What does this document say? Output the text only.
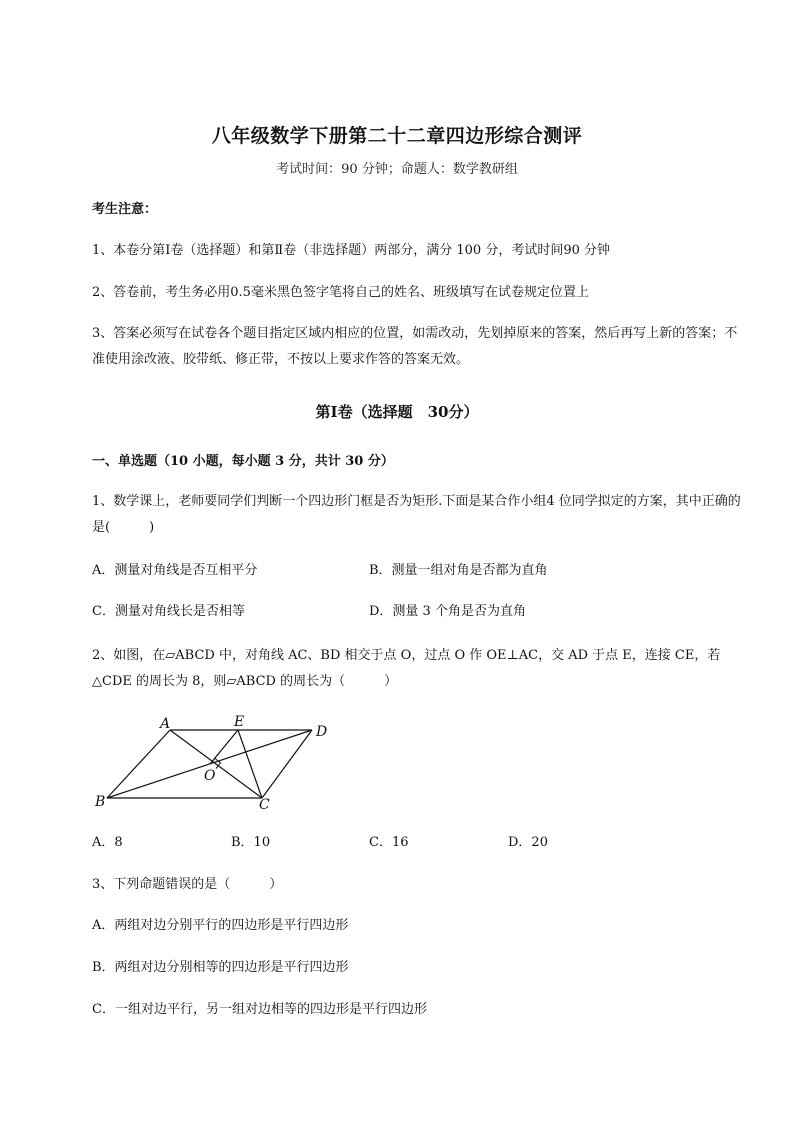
八年级数学下册第二十二章四边形综合测评
考试时间：90 分钟；命题人：数学教研组
考生注意：
1、本卷分第Ⅰ卷（选择题）和第Ⅱ卷（非选择题）两部分，满分 100 分，考试时间90 分钟
2、答卷前，考生务必用0.5毫米黑色签字笔将自己的姓名、班级填写在试卷规定位置上
3、答案必须写在试卷各个题目指定区域内相应的位置，如需改动，先划掉原来的答案，然后再写上新的答案；不准使用涂改液、胶带纸、修正带，不按以上要求作答的答案无效。
第Ⅰ卷（选择题　30分）
一、单选题（10 小题，每小题 3 分，共计 30 分）
1、数学课上，老师要同学们判断一个四边形门框是否为矩形.下面是某合作小组4 位同学拟定的方案，其中正确的是(　　　)
A．测量对角线是否互相平分	B．测量一组对角是否都为直角
C．测量对角线长是否相等	D．测量 3 个角是否为直角
2、如图，在▱ABCD 中，对角线 AC、BD 相交于点 O，过点 O 作 OE⊥AC，交 AD 于点 E，连接 CE，若
△CDE 的周长为 8，则▱ABCD 的周长为（　　　）
A	E
D
O
B	C
A．8	B．10	C．16	D．20
3、下列命题错误的是（　　　）
A．两组对边分别平行的四边形是平行四边形
B．两组对边分别相等的四边形是平行四边形
C．一组对边平行，另一组对边相等的四边形是平行四边形
